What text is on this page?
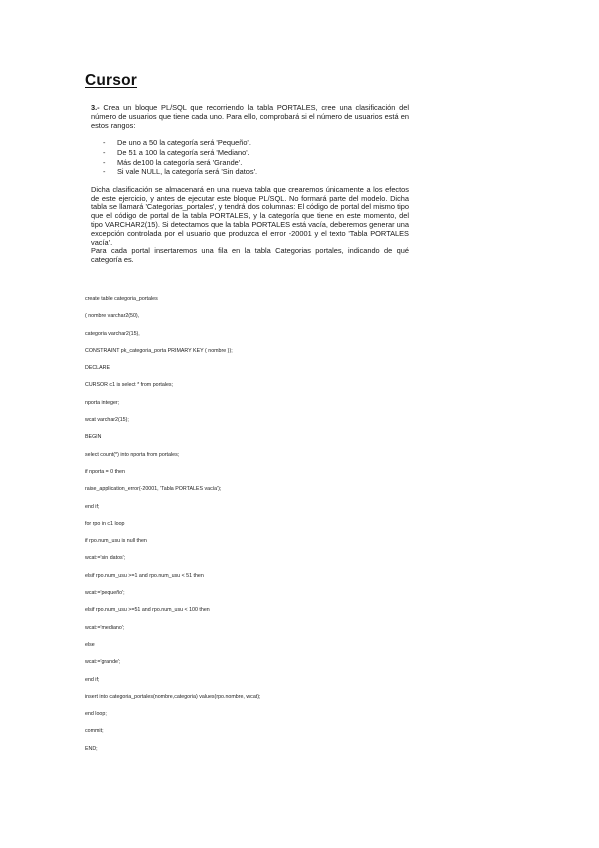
Cursor

3.- Crea un bloque PL/SQL que recorriendo la tabla PORTALES, cree una clasificación del número de usuarios que tiene cada uno. Para ello, comprobará si el número de usuarios está en estos rangos:

- De uno a 50 la categoría será 'Pequeño'.
- De 51 a 100 la categoría será 'Mediano'.
- Más de100 la categoría será 'Grande'.
- Si vale NULL, la categoría será 'Sin datos'.

Dicha clasificación se almacenará en una nueva tabla que crearemos únicamente a los efectos de este ejercicio, y antes de ejecutar este bloque PL/SQL. No formará parte del modelo. Dicha tabla se llamará 'Categorias_portales', y tendrá dos columnas: El código de portal del mismo tipo que el código de portal de la tabla PORTALES, y la categoría que tiene en este momento, del tipo VARCHAR2(15). Si detectamos que la tabla PORTALES está vacía, deberemos generar una excepción controlada por el usuario que produzca el error -20001 y el texto 'Tabla PORTALES vacía'.

Para cada portal insertaremos una fila en la tabla Categorias portales, indicando de qué categoría es.

create table categoria_portales
( nombre varchar2(50),
categoria varchar2(15),
CONSTRAINT pk_categoria_porta PRIMARY KEY ( nombre ));
DECLARE
CURSOR c1 is select * from portales;
nporta integer;
wcat varchar2(15);
BEGIN
select count(*) into nporta from portales;
if nporta = 0 then
raise_application_error(-20001, 'Tabla PORTALES vacía');
end if;
for rpo in c1 loop
if rpo.num_usu is null then
wcat:='sin datos';
elsif rpo.num_usu >=1 and rpo.num_usu < 51 then
wcat:='pequeño';
elsif rpo.num_usu >=51 and rpo.num_usu < 100 then
wcat:='mediano';
else
wcat:='grande';
end if;
insert into categoria_portales(nombre,categoria) values(rpo.nombre, wcat);
end loop;
commit;
END;
